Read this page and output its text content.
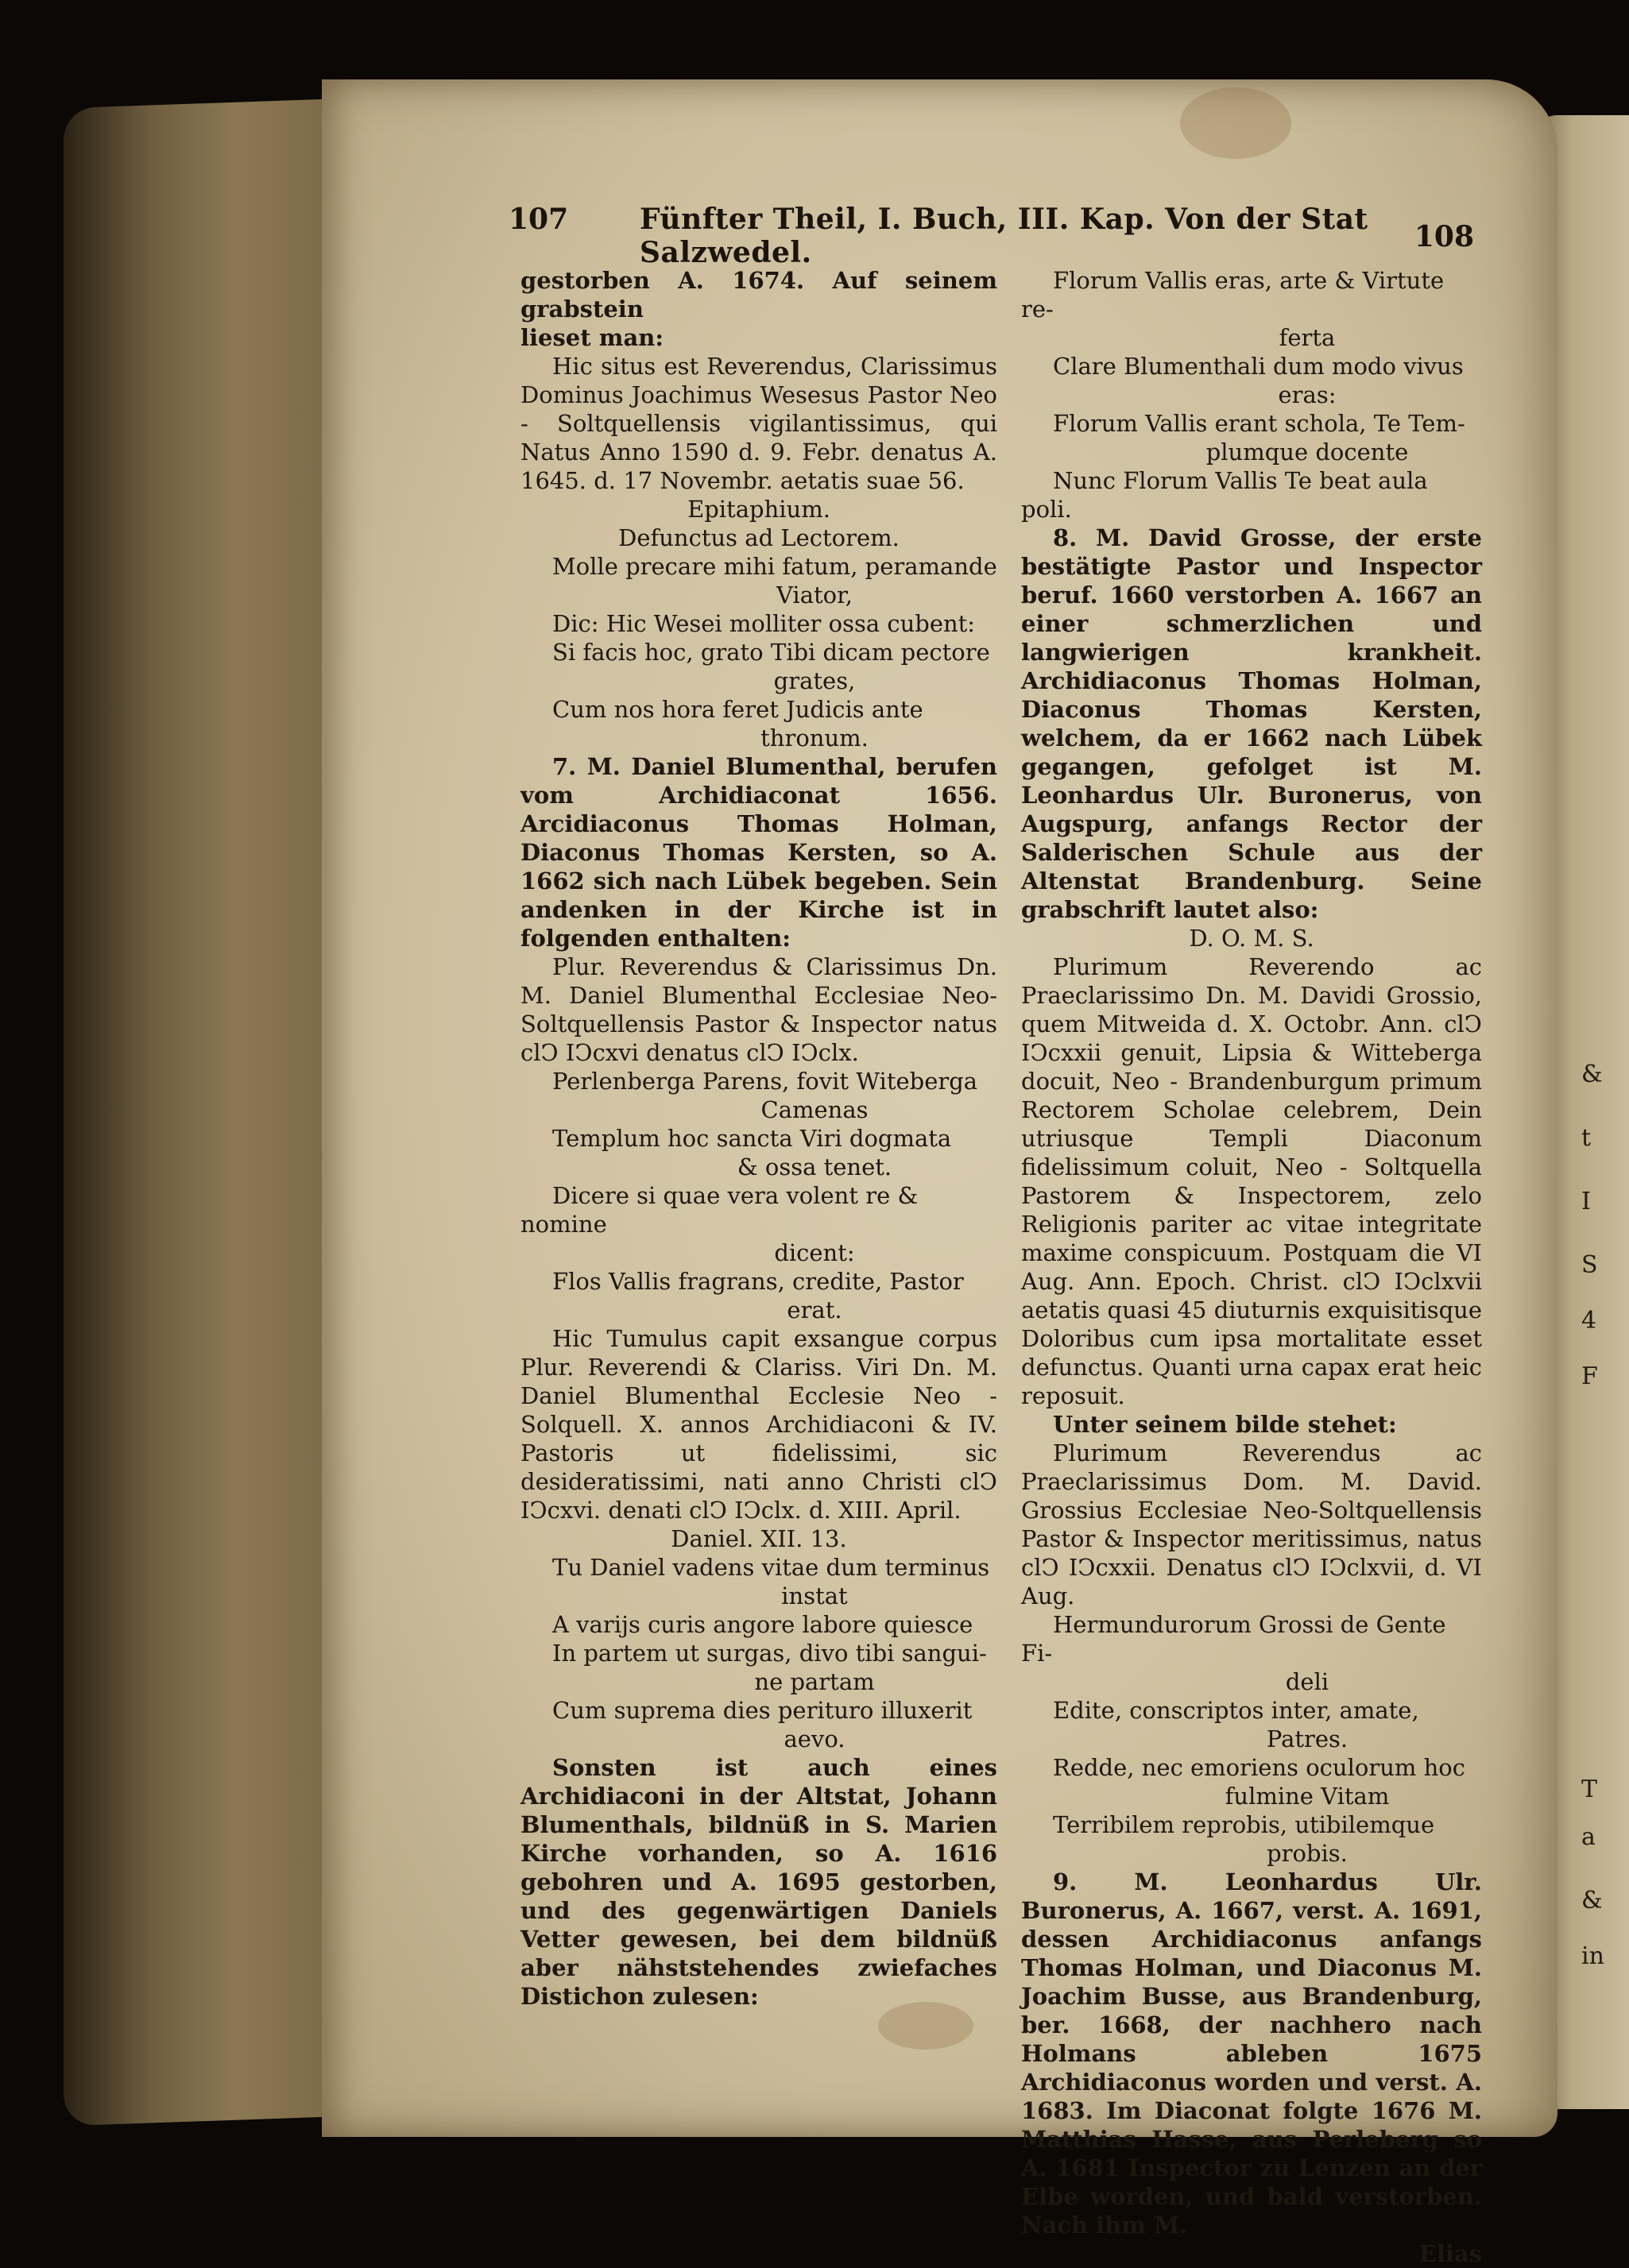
&
t
I
S
4
F
T
a
&
in
107 Fünfter Theil, I. Buch, III. Kap. Von der Stat Salzwedel.	108

gestorben A. 1674. Auf seinem grabstein

lieset man:

Hic situs est Reverendus, Clarissimus Dominus Joachimus Wesesus Pastor Neo - Soltquellensis vigilantissimus, qui Natus Anno 1590 d. 9. Febr. denatus A. 1645. d. 17 Novembr. aetatis suae 56.

Epitaphium.

Defunctus ad Lectorem.

Molle precare mihi fatum, peramande

Viator,

Dic: Hic Wesei molliter ossa cubent:

Si facis hoc, grato Tibi dicam pectore

grates,

Cum nos hora feret Judicis ante

thronum.

7. M. Daniel Blumenthal, berufen vom Archidiaconat 1656. Arcidiaconus Thomas Holman, Diaconus Thomas Kersten, so A. 1662 sich nach Lübek begeben. Sein andenken in der Kirche ist in folgenden enthalten:

Plur. Reverendus & Clarissimus Dn. M. Daniel Blumenthal Ecclesiae Neo-Soltquellensis Pastor & Inspector natus clↃ IↃcxvi denatus clↃ IↃclx.

Perlenberga Parens, fovit Witeberga

Camenas

Templum hoc sancta Viri dogmata

& ossa tenet.

Dicere si quae vera volent re & nomine

dicent:

Flos Vallis fragrans, credite, Pastor

erat.

Hic Tumulus capit exsangue corpus Plur. Reverendi & Clariss. Viri Dn. M. Daniel Blumenthal Ecclesie Neo - Solquell. X. annos Archidiaconi & IV. Pastoris ut fidelissimi, sic desideratissimi, nati anno Christi clↃ IↃcxvi. denati clↃ IↃclx. d. XIII. April.

Daniel. XII. 13.

Tu Daniel vadens vitae dum terminus

instat

A varijs curis angore labore quiesce

In partem ut surgas, divo tibi sangui-

ne partam

Cum suprema dies perituro illuxerit

aevo.

Sonsten ist auch eines Archidiaconi in der Altstat, Johann Blumenthals, bildnüß in S. Marien Kirche vorhanden, so A. 1616 gebohren und A. 1695 gestorben, und des gegenwärtigen Daniels Vetter gewesen, bei dem bildnüß aber nähststehendes zwiefaches Distichon zulesen:

Florum Vallis eras, arte & Virtute re-

ferta

Clare Blumenthali dum modo vivus

eras:

Florum Vallis erant schola, Te Tem-

plumque docente

Nunc Florum Vallis Te beat aula poli.

8. M. David Grosse, der erste bestätigte Pastor und Inspector beruf. 1660 verstorben A. 1667 an einer schmerzlichen und langwierigen krankheit. Archidiaconus Thomas Holman, Diaconus Thomas Kersten, welchem, da er 1662 nach Lübek gegangen, gefolget ist M. Leonhardus Ulr. Buronerus, von Augspurg, anfangs Rector der Salderischen Schule aus der Altenstat Brandenburg. Seine grabschrift lautet also:

D. O. M. S.

Plurimum Reverendo ac Praeclarissimo Dn. M. Davidi Grossio, quem Mitweida d. X. Octobr. Ann. clↃ IↃcxxii genuit, Lipsia & Witteberga docuit, Neo - Brandenburgum primum Rectorem Scholae celebrem, Dein utriusque Templi Diaconum fidelissimum coluit, Neo - Soltquella Pastorem & Inspectorem, zelo Religionis pariter ac vitae integritate maxime conspicuum. Postquam die VI Aug. Ann. Epoch. Christ. clↃ IↃclxvii aetatis quasi 45 diuturnis exquisitisque Doloribus cum ipsa mortalitate esset defunctus. Quanti urna capax erat heic reposuit.

Unter seinem bilde stehet:

Plurimum Reverendus ac Praeclarissimus Dom. M. David. Grossius Ecclesiae Neo-Soltquellensis Pastor & Inspector meritissimus, natus clↃ IↃcxxii. Denatus clↃ IↃclxvii, d. VI Aug.

Hermundurorum Grossi de Gente Fi-

deli

Edite, conscriptos inter, amate,

Patres.

Redde, nec emoriens oculorum hoc

fulmine Vitam

Terribilem reprobis, utibilemque

probis.

9. M. Leonhardus Ulr. Buronerus, A. 1667, verst. A. 1691, dessen Archidiaconus anfangs Thomas Holman, und Diaconus M. Joachim Busse, aus Brandenburg, ber. 1668, der nachhero nach Holmans ableben 1675 Archidiaconus worden und verst. A. 1683. Im Diaconat folgte 1676 M. Matthias Hasse, aus Perleberg so A. 1681 Inspector zu Lenzen an der Elbe worden, und bald verstorben. Nach ihm M.

Elias
